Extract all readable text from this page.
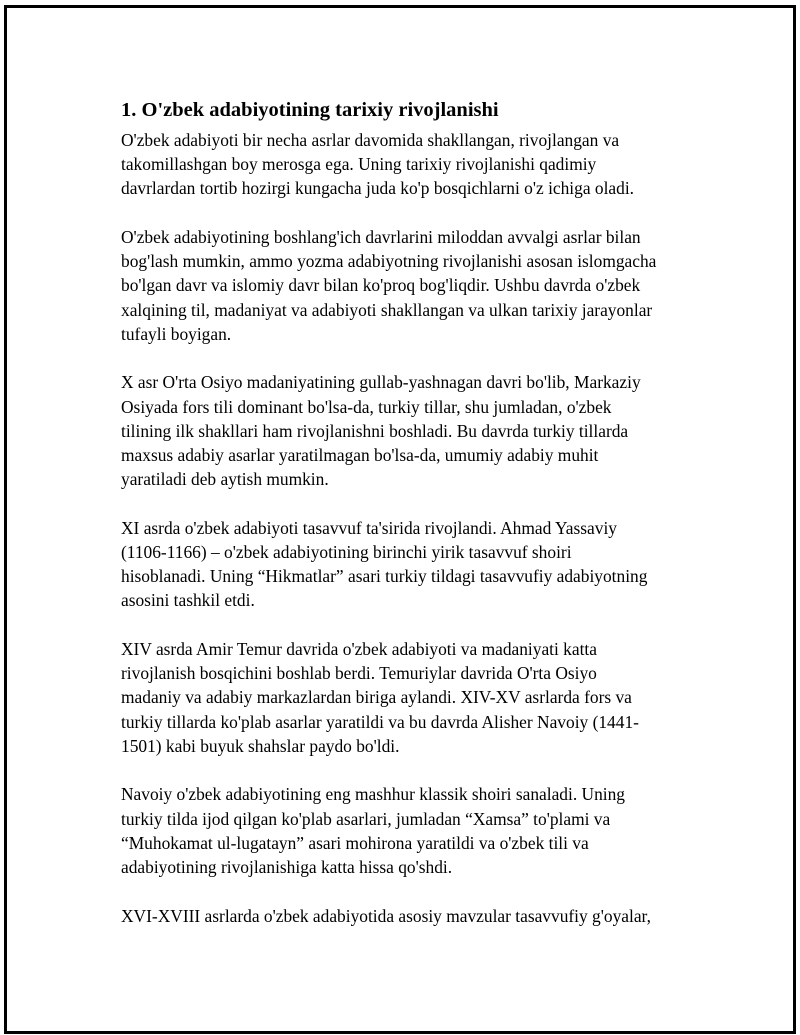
1. O'zbek adabiyotining tarixiy rivojlanishi
O'zbek adabiyoti bir necha asrlar davomida shakllangan, rivojlangan va
takomillashgan boy merosga ega. Uning tarixiy rivojlanishi qadimiy
davrlardan tortib hozirgi kungacha juda ko'p bosqichlarni o'z ichiga oladi.
O'zbek adabiyotining boshlang'ich davrlarini miloddan avvalgi asrlar bilan
bog'lash mumkin, ammo yozma adabiyotning rivojlanishi asosan islomgacha
bo'lgan davr va islomiy davr bilan ko'proq bog'liqdir. Ushbu davrda o'zbek
xalqining til, madaniyat va adabiyoti shakllangan va ulkan tarixiy jarayonlar
tufayli boyigan.
X asr O'rta Osiyo madaniyatining gullab-yashnagan davri bo'lib, Markaziy
Osiyada fors tili dominant bo'lsa-da, turkiy tillar, shu jumladan, o'zbek
tilining ilk shakllari ham rivojlanishni boshladi. Bu davrda turkiy tillarda
maxsus adabiy asarlar yaratilmagan bo'lsa-da, umumiy adabiy muhit
yaratiladi deb aytish mumkin.
XI asrda o'zbek adabiyoti tasavvuf ta'sirida rivojlandi. Ahmad Yassaviy
(1106-1166) – o'zbek adabiyotining birinchi yirik tasavvuf shoiri
hisoblanadi. Uning “Hikmatlar” asari turkiy tildagi tasavvufiy adabiyotning
asosini tashkil etdi.
XIV asrda Amir Temur davrida o'zbek adabiyoti va madaniyati katta
rivojlanish bosqichini boshlab berdi. Temuriylar davrida O'rta Osiyo
madaniy va adabiy markazlardan biriga aylandi. XIV-XV asrlarda fors va
turkiy tillarda ko'plab asarlar yaratildi va bu davrda Alisher Navoiy (1441-
1501) kabi buyuk shahslar paydo bo'ldi.
Navoiy o'zbek adabiyotining eng mashhur klassik shoiri sanaladi. Uning
turkiy tilda ijod qilgan ko'plab asarlari, jumladan “Xamsa” to'plami va
“Muhokamat ul-lugatayn” asari mohirona yaratildi va o'zbek tili va
adabiyotining rivojlanishiga katta hissa qo'shdi.
XVI-XVIII asrlarda o'zbek adabiyotida asosiy mavzular tasavvufiy g'oyalar,
